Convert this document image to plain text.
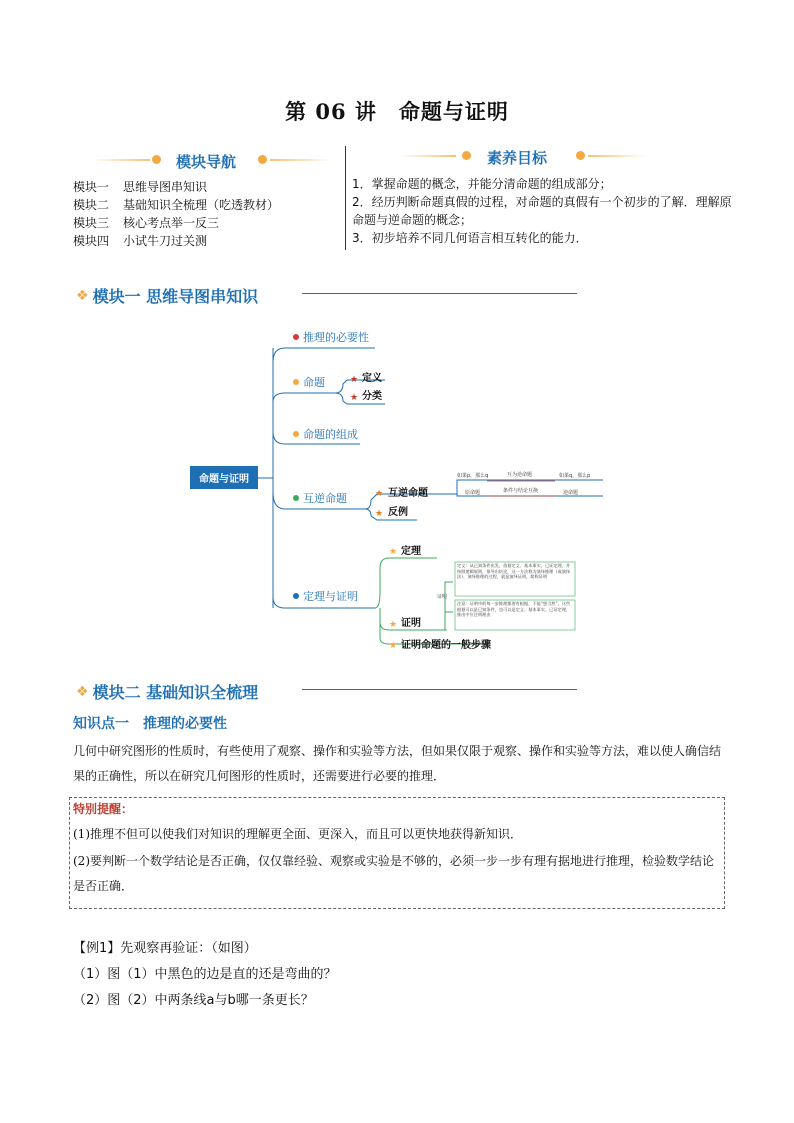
第 06 讲　命题与证明
模块导航
模块一 思维导图串知识
模块二 基础知识全梳理（吃透教材）
模块三 核心考点举一反三
模块四 小试牛刀过关测
素养目标
1．掌握命题的概念，并能分清命题的组成部分；
2．经历判断命题真假的过程，对命题的真假有一个初步的了解．理解原命题与逆命题的概念；
3．初步培养不同几何语言相互转化的能力．
❖ 模块一 思维导图串知识
命题与证明
推理的必要性
命题	★ 定义
★ 分类
命题的组成
互逆命题	★ 互逆命题
★ 反例
如果p，那么q	互为逆命题	如果q，那么p
原命题	条件与结论互换	逆命题
定理与证明
★ 定理
★ 证明
★ 证明命题的一般步骤
证明
定义：从已知条件出发，依据定义、基本事实、已证定理，并按照逻辑规则，推导出结论，这一方法称为演绎推理（或演绎法），演绎推理的过程，就是演绎证明，简称证明
注意：证明中的每一步推理都要有根据，不能“想当然”，这些根据可以是已知条件，也可以是定义、基本事实、已证定理，推出中应注明理由
❖ 模块二 基础知识全梳理
知识点一　推理的必要性
几何中研究图形的性质时，有些使用了观察、操作和实验等方法，但如果仅限于观察、操作和实验等方法，难以使人确信结果的正确性，所以在研究几何图形的性质时，还需要进行必要的推理．
特别提醒：
(1)推理不但可以使我们对知识的理解更全面、更深入，而且可以更快地获得新知识．
(2)要判断一个数学结论是否正确，仅仅靠经验、观察或实验是不够的，必须一步一步有理有据地进行推理，检验数学结论是否正确．
【例1】先观察再验证：（如图）
（1）图（1）中黑色的边是直的还是弯曲的？
（2）图（2）中两条线a与b哪一条更长？
